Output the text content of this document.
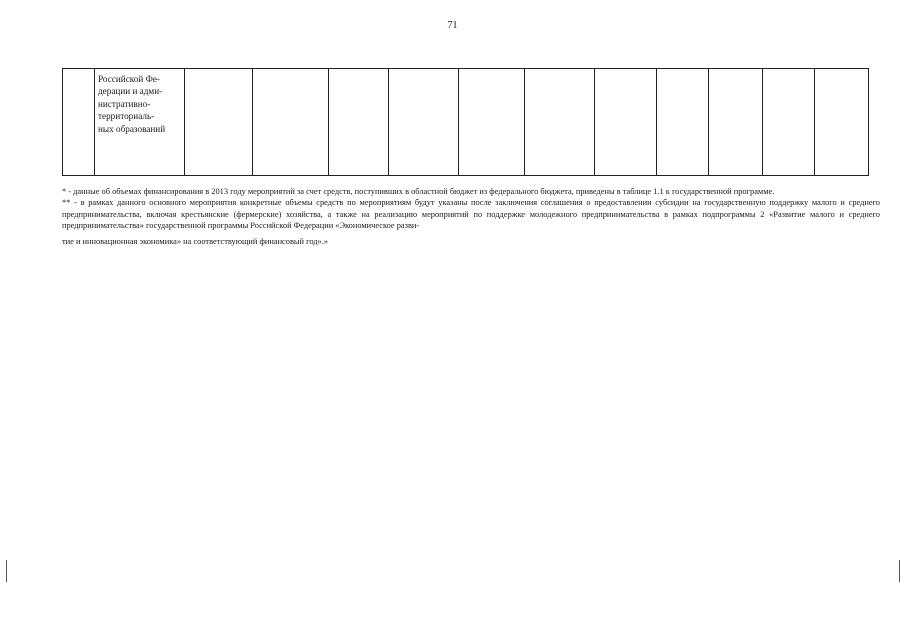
71

Российской Фе-
дерации и адми-
нистративно-
территориаль-
ных образований

* - данные об объемах финансирования в 2013 году мероприятий за счет средств, поступивших в областной бюджет из федерального бюджета, приведены в таблице 1.1 к государственной программе.

** - в рамках данного основного мероприятия конкретные объемы средств по мероприятиям будут указаны после заключения соглашения о предоставлении субсидии на государственную поддержку малого и среднего предпринимательства, включая крестьянские (фермерские) хозяйства, а также на реализацию мероприятий по поддержке молодежного предпринимательства в рамках подпрограммы 2 «Развитие малого и среднего предпринимательства» государственной программы Российской Федерации «Экономическое разви-
тие и инновационная экономика» на соответствующий финансовый год».»
